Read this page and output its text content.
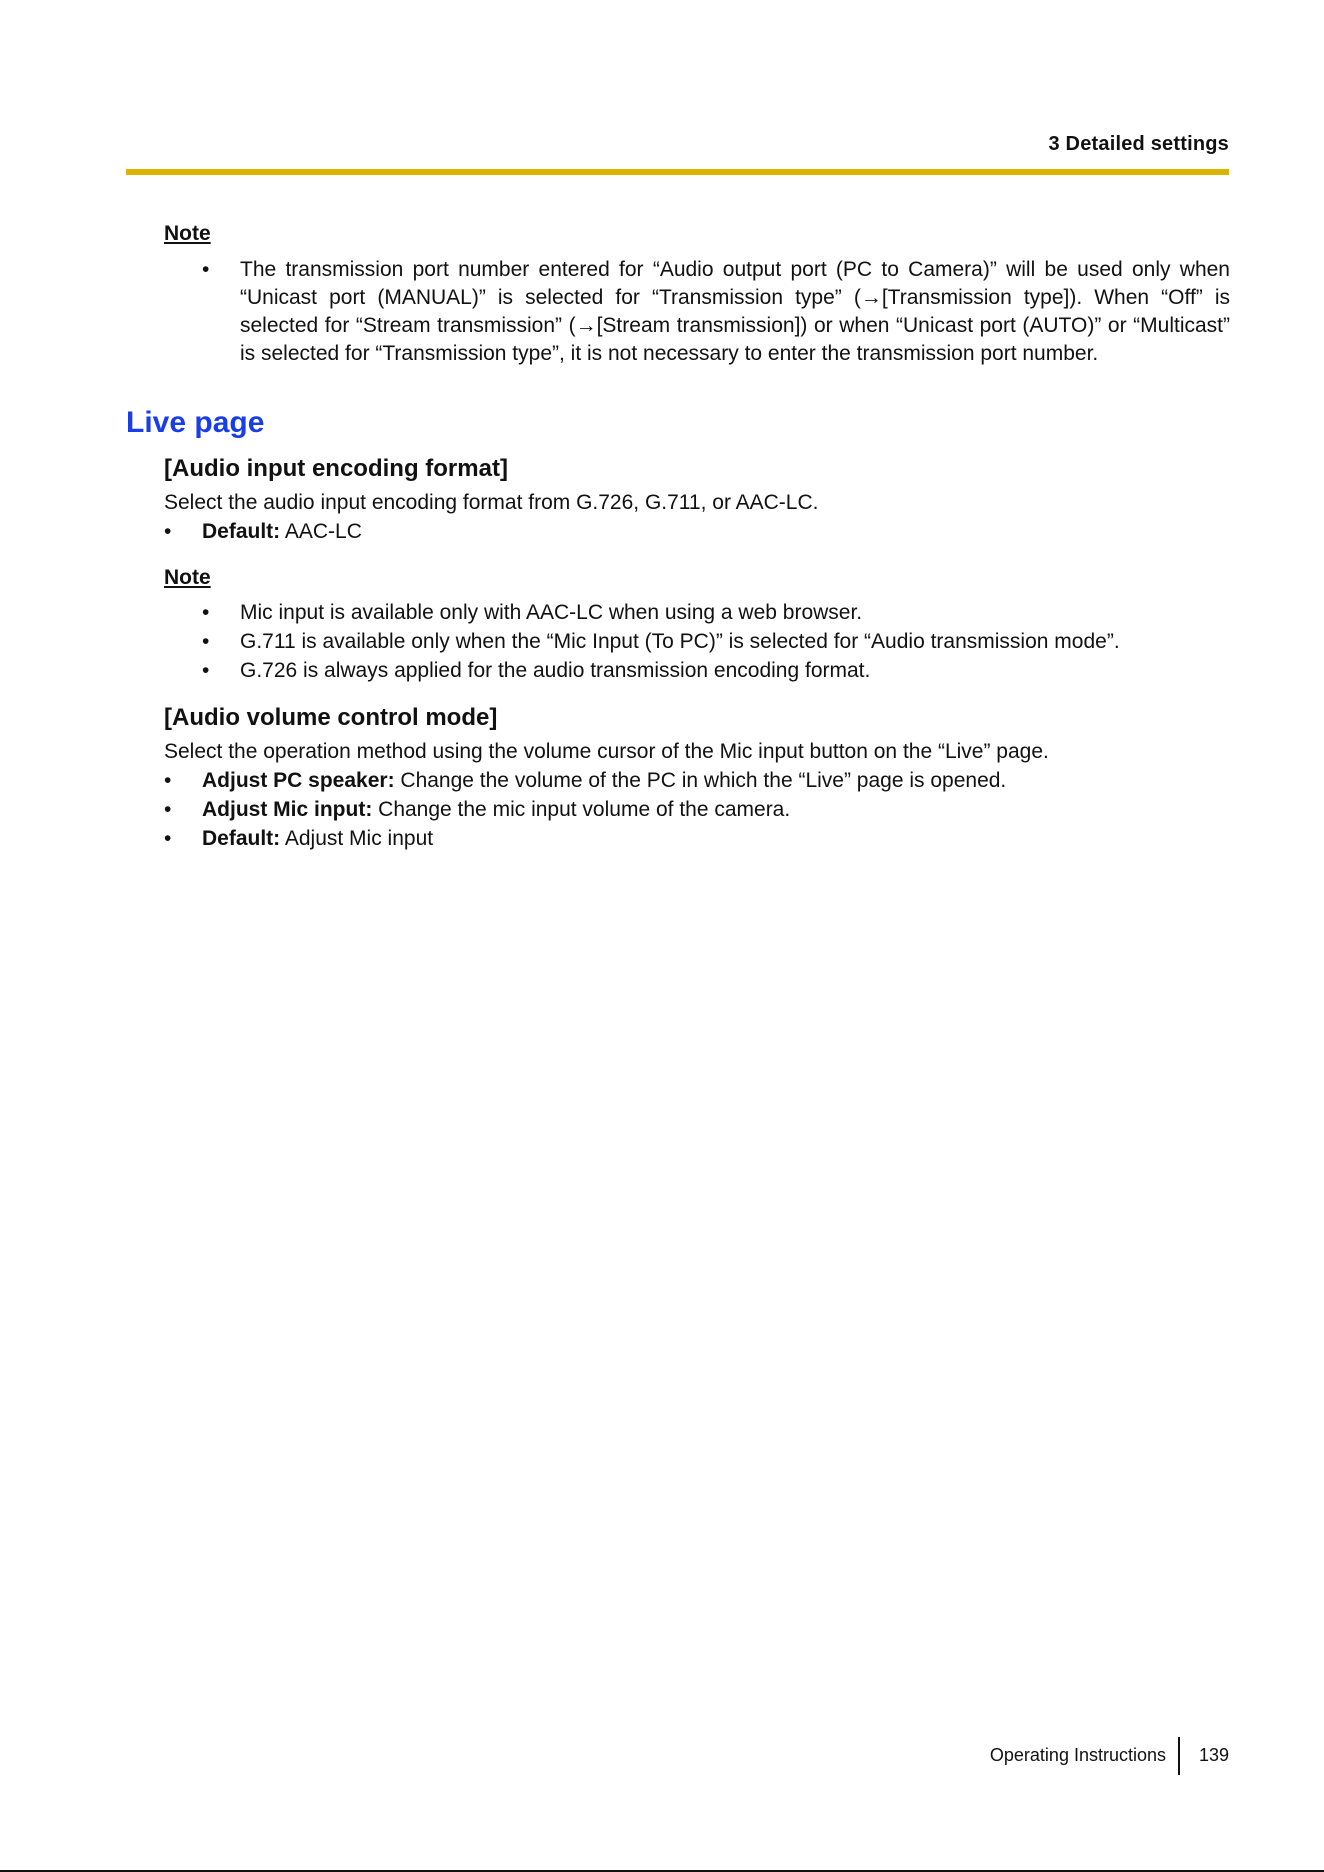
3 Detailed settings
Note
• The transmission port number entered for “Audio output port (PC to Camera)” will be used only when “Unicast port (MANUAL)” is selected for “Transmission type” (→[Transmission type]). When “Off” is selected for “Stream transmission” (→[Stream transmission]) or when “Unicast port (AUTO)” or “Multicast” is selected for “Transmission type”, it is not necessary to enter the transmission port number.
Live page
[Audio input encoding format]
Select the audio input encoding format from G.726, G.711, or AAC-LC.
• Default: AAC-LC
Note
• Mic input is available only with AAC-LC when using a web browser.
• G.711 is available only when the “Mic Input (To PC)” is selected for “Audio transmission mode”.
• G.726 is always applied for the audio transmission encoding format.
[Audio volume control mode]
Select the operation method using the volume cursor of the Mic input button on the “Live” page.
• Adjust PC speaker: Change the volume of the PC in which the “Live” page is opened.
• Adjust Mic input: Change the mic input volume of the camera.
• Default: Adjust Mic input
Operating Instructions 139
